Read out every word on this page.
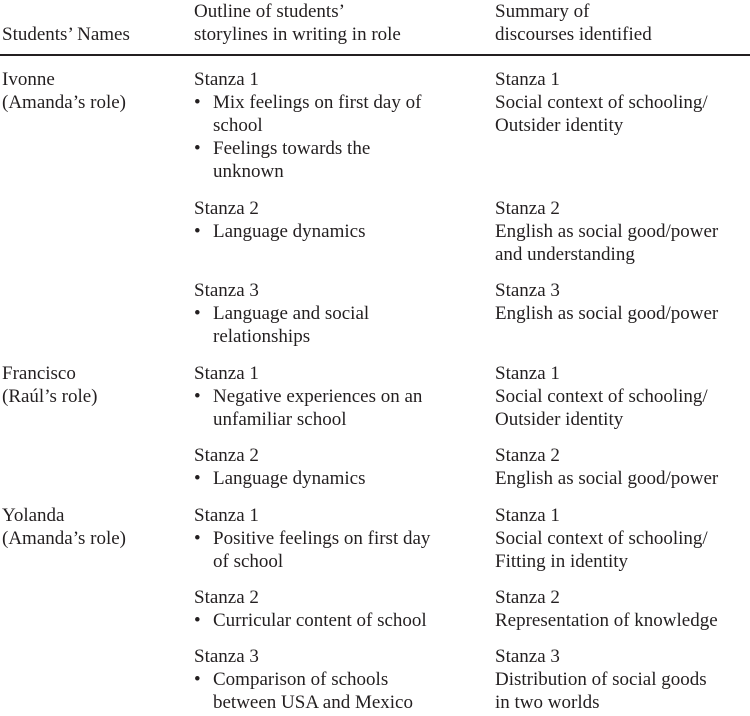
Students’ Names
Outline of students’
storylines in writing in role
Summary of
discourses identified
Ivonne
(Amanda’s role)
Stanza 1
• Mix feelings on first day of
school
• Feelings towards the
unknown
Stanza 1
Social context of schooling/
Outsider identity
Stanza 2
• Language dynamics
Stanza 2
English as social good/power
and understanding
Stanza 3
• Language and social
relationships
Stanza 3
English as social good/power
Francisco
(Raúl’s role)
Stanza 1
• Negative experiences on an
unfamiliar school
Stanza 1
Social context of schooling/
Outsider identity
Stanza 2
• Language dynamics
Stanza 2
English as social good/power
Yolanda
(Amanda’s role)
Stanza 1
• Positive feelings on first day
of school
Stanza 1
Social context of schooling/
Fitting in identity
Stanza 2
• Curricular content of school
Stanza 2
Representation of knowledge
Stanza 3
• Comparison of schools
between USA and Mexico
Stanza 3
Distribution of social goods
in two worlds
